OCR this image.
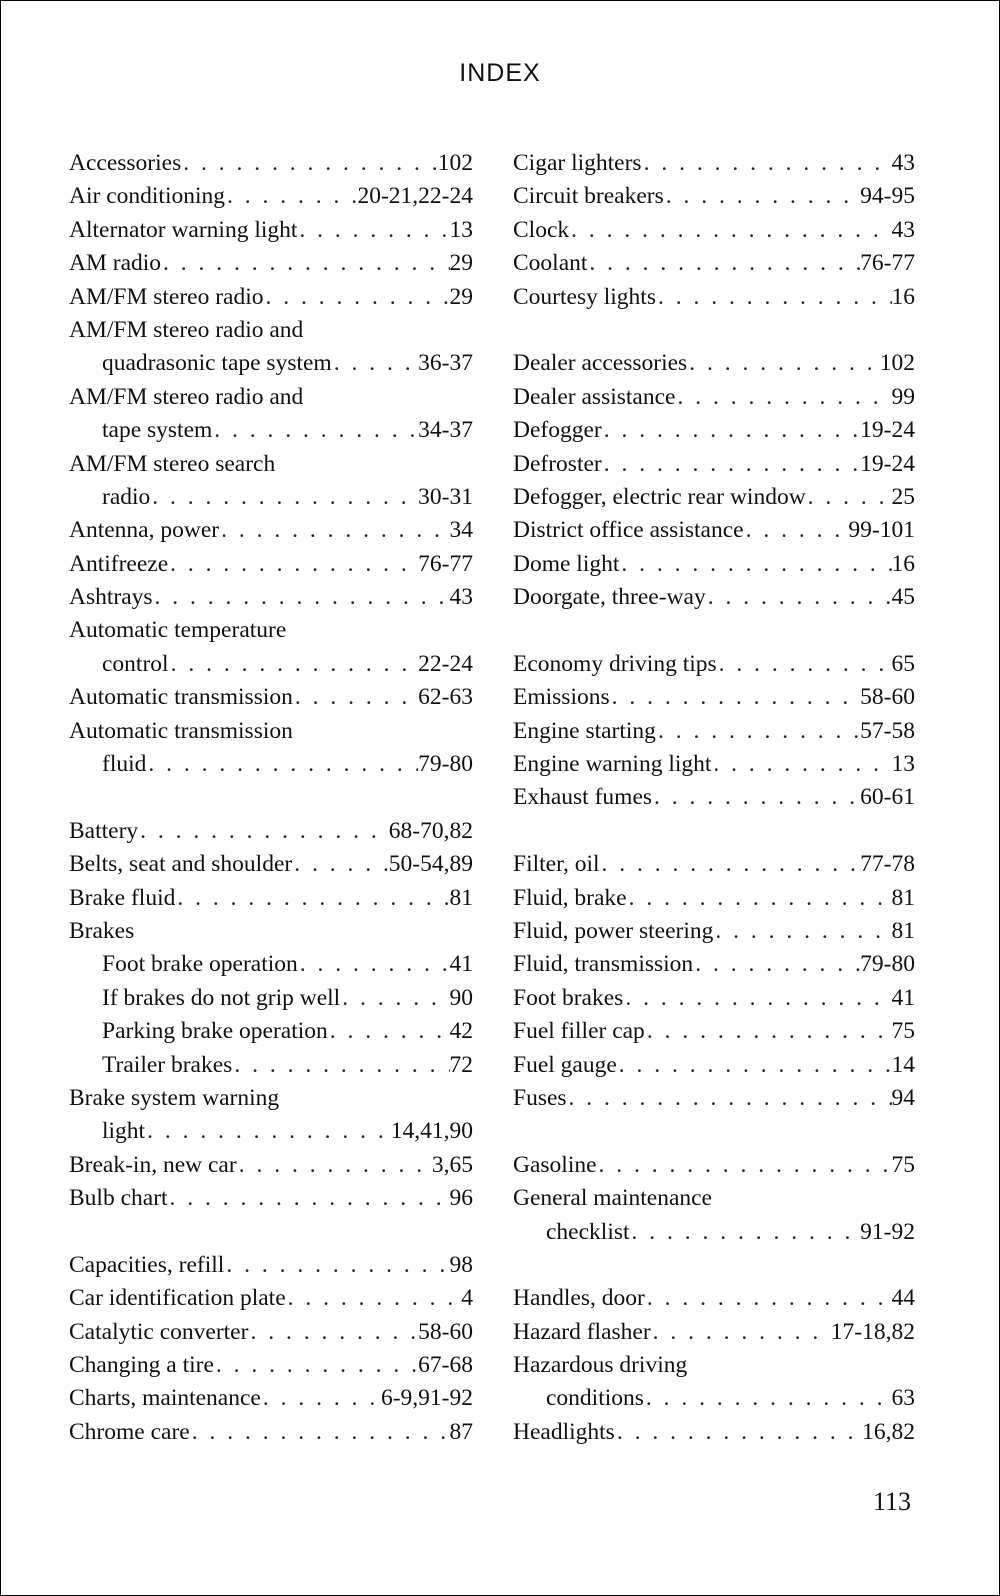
INDEX
Accessories . . .	102
Air conditioning . . .	20-21,22-24
Alternator warning light . . .	13
AM radio . . .	29
AM/FM stereo radio . . .	29
AM/FM stereo radio and
quadrasonic tape system . . .	36-37
AM/FM stereo radio and
tape system . . .	34-37
AM/FM stereo search
radio . . .	30-31
Antenna, power . . .	34
Antifreeze . . .	76-77
Ashtrays . . .	43
Automatic temperature
control . . .	22-24
Automatic transmission . . .	62-63
Automatic transmission
fluid . . .	79-80
Battery . . .	68-70,82
Belts, seat and shoulder . . .	50-54,89
Brake fluid . . .	81
Brakes
Foot brake operation . . .	41
If brakes do not grip well . . .	90
Parking brake operation . . .	42
Trailer brakes . . .	72
Brake system warning
light . . .	14,41,90
Break-in, new car . . .	3,65
Bulb chart . . .	96
Capacities, refill . . .	98
Car identification plate . . .	4
Catalytic converter . . .	58-60
Changing a tire . . .	67-68
Charts, maintenance . . .	6-9,91-92
Chrome care . . .	87
Cigar lighters . . .	43
Circuit breakers . . .	94-95
Clock . . .	43
Coolant . . .	76-77
Courtesy lights . . .	16
Dealer accessories . . .	102
Dealer assistance . . .	99
Defogger . . .	19-24
Defroster . . .	19-24
Defogger, electric rear window . . .	25
District office assistance . . .	99-101
Dome light . . .	16
Doorgate, three-way . . .	45
Economy driving tips . . .	65
Emissions . . .	58-60
Engine starting . . .	57-58
Engine warning light . . .	13
Exhaust fumes . . .	60-61
Filter, oil . . .	77-78
Fluid, brake . . .	81
Fluid, power steering . . .	81
Fluid, transmission . . .	79-80
Foot brakes . . .	41
Fuel filler cap . . .	75
Fuel gauge . . .	14
Fuses . . .	94
Gasoline . . .	75
General maintenance
checklist . . .	91-92
Handles, door . . .	44
Hazard flasher . . .	17-18,82
Hazardous driving
conditions . . .	63
Headlights . . .	16,82
113
